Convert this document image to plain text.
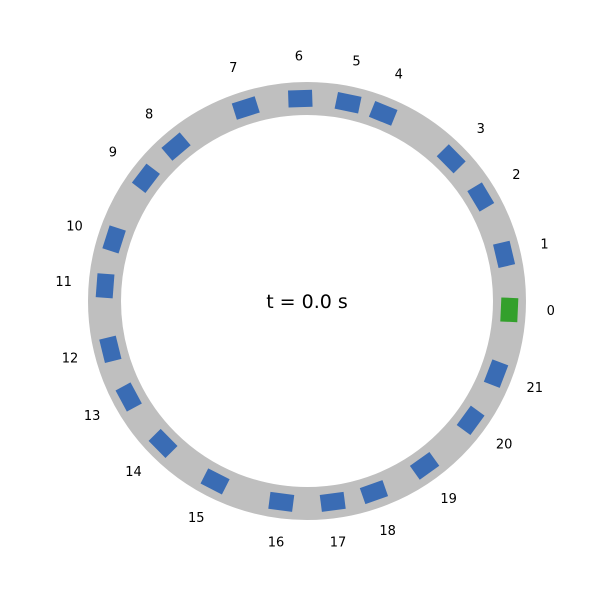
0
1
2
3
4
5
6
7
8
9
10
11
12
13
14
15
16	17
18
19
20
21
t = 0.0 s
